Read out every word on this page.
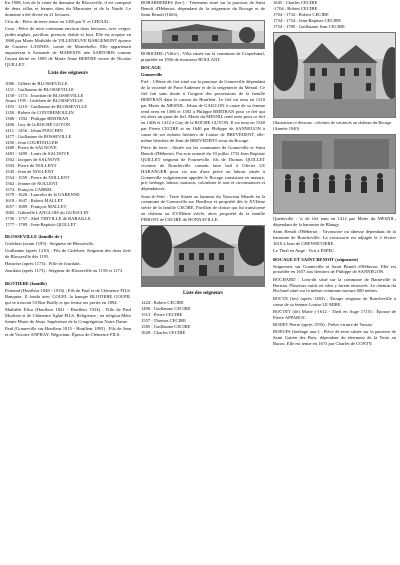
En 1908, lors de la vente du domaine de Blosseville, il est composé de deux villas et fermes dites du Marronier et de la Nardé. Le domaine a été divisé en 21 lectures.

Clos de : Pièce de terre tenue en 1458 par Y. et CHOUIL.

Cour : Pièce de terre contenant environ deux hectares, avec verger, jardin anglais, pavillon, pressoir, étable et four. Elle est acquise en 1868 par Marie Mathilde de VILLENEUVE BARGEMONT épouse de Gustave LANNES, comte de Montebello. Elle appartenait auparavant à Armande de MARESTE née SARTORIS comme l'ayant hérité en 1809 de Marie Anne BERTRE veuve de Nicolas QUILLET.

Liste des seigneurs
1086 : Gilbert de BLOSSEVILLE
1131 : Guillaume de BLOSSEVILLE
1158 - 1173 : Jourdain de BLOSSEVILLE
Avant 1195 : Gisleben de BLOSSEVILLE
1195 - 1210 : Guillaume de BLOSSEVILLE
1350 : Robert de CONTREMOULIN
1386 - 1392 : Philippe BERTRAN
1406 : Guy de la ROCHE GUYON
1411 - 1456 : Jehan POUCHIN
1477 : Guillaume de BOSSEVILLE
1450 : Jean LOURTEILLER
1480 : Pierre de SALNOVE
1481 - 1499 : Louis de SALNOVE
1502 : Jacques de SALNOVE
1503 : Pierre de NOLLENT
1545 : Jean de NOLLENT
1554 - 1559 : Pierre de NOLLENT
1562 : Jeanne de NOLLENT
1574 : François CABREL
1579 - 1620 : Lancelot de la GARENNE
1618 - 1647 : Robert MALLET
1657 - 1689 : François MALLET
1665 : Gabrielle LANGLOIS du GUESCLIN
1730 - 1757 : Abel THIVILLE de BARAILLE
1777 - 1789 : Jean-Baptiste QUILLET
BLOSSEVILLE (famille de-)

Gislebert (avant 1195) : Seigneur de Blosseville.

Guillaume (après 1210) : Fils de Gislebert. Seigneur des deux fiefs de Blosseville dès 1195.

Hauwise (après 1173) : Fille de Jourdain.

Jourdain (après 1173) : Seigneur de Blosseville en 1158 et 1173.

BLOTIERE (famille)

Fernand (Honfleur 1848 - 1916) : Fils de Paul et de Clémence FILS. Banquier. Il fonda avec GOUEL la banque BLOTIERE GOUPIL qui se trouvait 53 Rue Boilly et qui ferma ses portes en 1894.

Mathilde Elisa (Honfleur 1841 - Honfleur 1924) : Fille de Paul Modeste et de Clémence Aglaé FILS. Religieuse ; en religion Mère Sainte Marie de Jésus. Supérieure de la Congrégation Notre Dame.

Paul (Gonneville sur Honfleur 1815 - Honfleur 1893) : Fils de Jean et de Victoire ANFRAY. Négociant. Époux de Clémence FILS.

BOBARDERIES (les-) : Ténement situé sur la paroisse de Saint Benoît d'Hébertot, dépendant de la seigneurie du Bocage et de Saint Benoît (1663).

BOBICHEL (Villa-) : Villa située sur la commune de Criquebœuf, propriété en 1936 de monsieur BOULANT.

BOCAGE
Gonneville

Fief : 1/8ème de fief situé sur la paroisse de Gonneville dépendant de la vicomté de Pont-Audemer et de la sergenterie du Mesnil. Ce fief fait sans doute à l'origine des possessions de la famille BERTRAN dans le canton de Honfleur. Le fief est tenu en 1210 par Marie du MESNIL. Jehan de GAILLON à cause de sa femme rend aveu en 1386 et 1392 à Philippe BERTRAN pour ce fief qui est alors un quart de fief. Marie du MESNIL rend aveu pour ce fief en 1406 et 1412 à Guy de la ROCHE GUYON. Il est tenu en 1540 par Pierre CECIRE et en 1640 par Philippe de SANNEGON à cause de ses enfants héritiers de Louise de BREVEDENT, elle-même héritière de Jean de BREVEDENT sieur du Bocage.

Pièce de terre : Située sur les communes de Gonneville et Saint Benoît d'Hébertot. Par acte notarié du 19 juillet 1733 Jean Baptiste QUILLET seigneur de Fourneville, fils de Thomas QUILLET vicomte de Roncheville consent faire bail à Olivier LE HARANGER pour six ans d'une pièce en labour située à Gonneville vulgairement appelée le Bocage consistant en masure, pré, herbage, labour, maisons, colombier le tout et circonstances et dépendances.

Sous-le-Vent : Terre Située au hameau du Nouveau Monde en la commune de Gonneville sur Honfleur et propriété dès le XVIème siècle de la famille CECIRE. Pavillon de chasse qui fut transformé en château au XVIIIème siècle, alors propriété de la famille PIMONT de CECIRE de HONNAVILLE.

Liste des seigneurs
1424 : Robert CECIRE
1490 : Guillaume CECIRE
1513 : Pierre CECIRE
1557 : Thomas CECIRE
1585 : Guillaume CECIRE
1628 : Charles CECIRE
1645 : Charles CECIRE
-1704 : Robert CECIRE
1704 - 1734 : Robert CECIRE
1734 - 1754 : Jean-Baptiste CECIRE
1754 - 1789 : Guillaume Jean CECIRE

Illustration ci-dessous : colonies de vacances au château du Bocage (Années 1940)

Quetteville : ¼ de fief tenu en 1412 par Marie du MESNIL, dépendant de la baronnie de Blangy.

Saint Benoît d'Hébertot : Vavassorie ou aînesse dépendant de la baronnie de Roncheville. La vavassorie est adjugée le 2 février 1610 à Jean de CHENNEVIERE.

Le Theil en Ange : Voir à ESPEC.

BOCAGE ET SAINT BENOIT (seigneurie)

Seigneurie sur Gonneville et Saint Benoît d'Hébertot. Elle est possédée en 1657 aux héritiers de Philippe de SANNEGON.

BOCHARD : Lieu-dit situé sur la commune de Barneville la Bertran. Plusieurs outils en silex y furent retrouvés. Le chemin du Bochard situé sur la même commune mesure 680 mètres.

BOCTE (les) (après 1484) : Étoupe seigneur de Roncheville à cause de sa femme Louise LE MIRE.

BOCTET (de) Marie (-1612 - Theil en Auge 1715) : Épouse de Pierre APPAROC.

BODET Pierre (après 1593) : Prêtre vicaire de Vassey.

BOEUFS (herbage aux-) : Pièce de terre située sur la paroisse de Saint Gatien des Bois, dépendant du ténement de la Veste au Buron. Elle est tenue en 1673 par Charles de CONTY.
